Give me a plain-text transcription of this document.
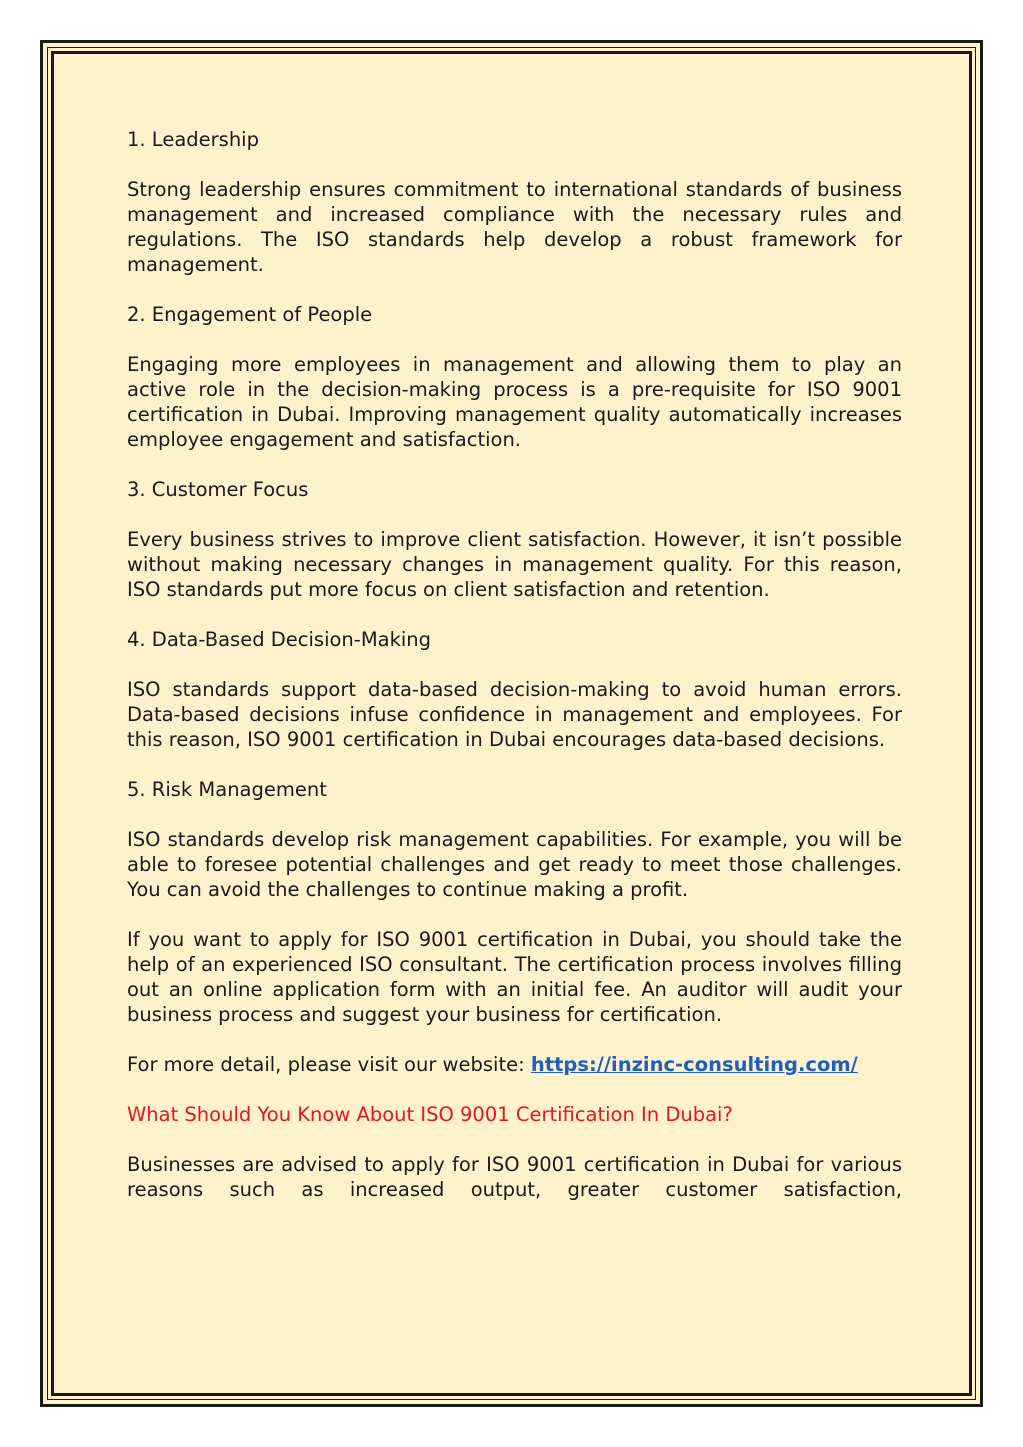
1. Leadership

Strong leadership ensures commitment to international standards of business management and increased compliance with the necessary rules and regulations. The ISO standards help develop a robust framework for management.

2. Engagement of People

Engaging more employees in management and allowing them to play an active role in the decision-making process is a pre-requisite for ISO 9001 certification in Dubai. Improving management quality automatically increases employee engagement and satisfaction.

3. Customer Focus

Every business strives to improve client satisfaction. However, it isn’t possible without making necessary changes in management quality. For this reason, ISO standards put more focus on client satisfaction and retention.

4. Data-Based Decision-Making

ISO standards support data-based decision-making to avoid human errors. Data-based decisions infuse confidence in management and employees. For this reason, ISO 9001 certification in Dubai encourages data-based decisions.

5. Risk Management

ISO standards develop risk management capabilities. For example, you will be able to foresee potential challenges and get ready to meet those challenges. You can avoid the challenges to continue making a profit.

If you want to apply for ISO 9001 certification in Dubai, you should take the help of an experienced ISO consultant. The certification process involves filling out an online application form with an initial fee. An auditor will audit your business process and suggest your business for certification.

For more detail, please visit our website: https://inzinc-consulting.com/

What Should You Know About ISO 9001 Certification In Dubai?

Businesses are advised to apply for ISO 9001 certification in Dubai for various reasons such as increased output, greater customer satisfaction,
